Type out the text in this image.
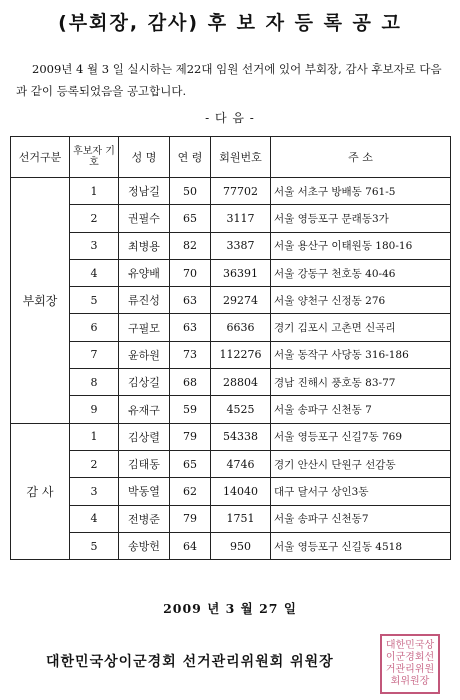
(부회장, 감사) 후 보 자 등 록 공 고
2009년 4 월 3 일 실시하는 제22대 임원 선거에 있어 부회장, 감사 후보자로 다음과 같이 등록되었음을 공고합니다.
- 다 음 -
선거구분	후보자 기 호	성 명	연 령	회원번호	주 소
부회장	1	정남길	50	77702	서울 서초구 방배동 761-5
	2	권필수	65	3117	서울 영등포구 문래동3가
	3	최병용	82	3387	서울 용산구 이태원동 180-16
	4	유양배	70	36391	서울 강동구 천호동 40-46
	5	류진성	63	29274	서울 양천구 신정동 276
	6	구필모	63	6636	경기 김포시 고촌면 신곡리
	7	윤하원	73	112276	서울 동작구 사당동 316-186
	8	김상길	68	28804	경남 진해시 풍호동 83-77
	9	유재구	59	4525	서울 송파구 신천동 7
감 사	1	김상렬	79	54338	서울 영등포구 신길7동 769
	2	김태동	65	4746	경기 안산시 단원구 선감동
	3	박동열	62	14040	대구 달서구 상인3동
	4	전병준	79	1751	서울 송파구 신천동7
	5	송방헌	64	950	서울 영등포구 신길동 4518
2009 년 3 월 27 일
대한민국상이군경회 선거관리위원회 위원장
대한민국상이군경회선거관리위원회위원장
